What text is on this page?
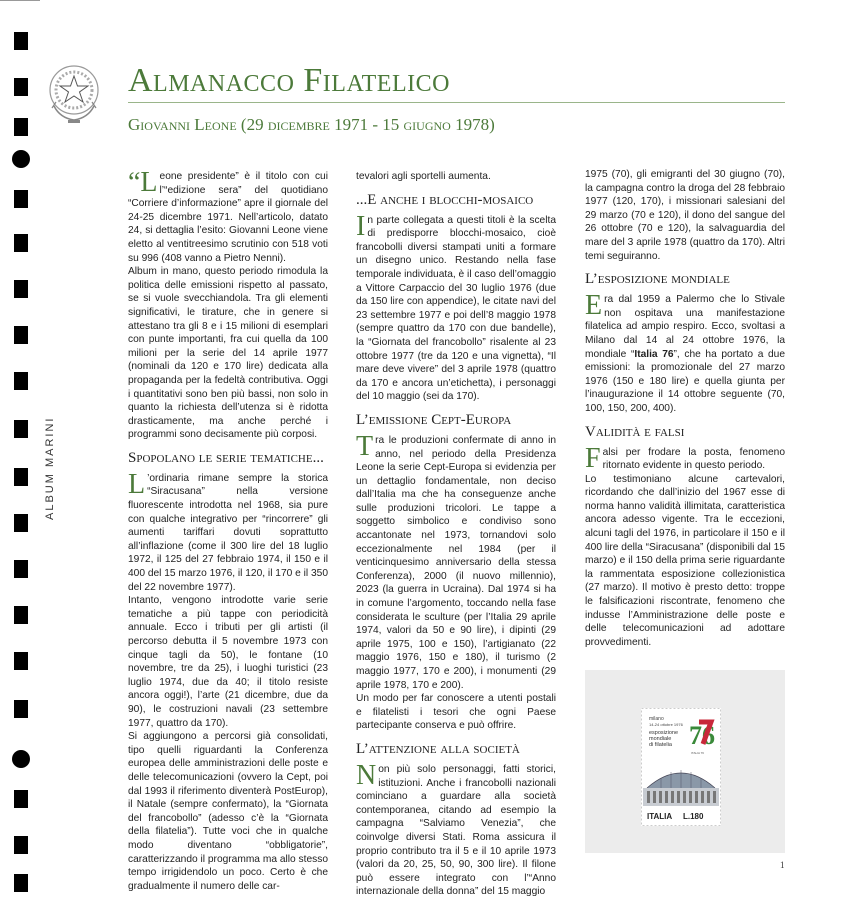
ALBUM MARINI
Almanacco Filatelico
Giovanni Leone (29 dicembre 1971 - 15 giugno 1978)

“Leone presidente” è il titolo con cui l’“edizione sera” del quotidiano “Corriere d’informazione” apre il giornale del 24-25 dicembre 1971. Nell’articolo, datato 24, si dettaglia l’esito: Giovanni Leone viene eletto al ventitreesimo scrutinio con 518 voti su 996 (408 vanno a Pietro Nenni).

Album in mano, questo periodo rimodula la politica delle emissioni rispetto al passato, se si vuole svecchiandola. Tra gli elementi significativi, le tirature, che in genere si attestano tra gli 8 e i 15 milioni di esemplari con punte importanti, fra cui quella da 100 milioni per la serie del 14 aprile 1977 (nominali da 120 e 170 lire) dedicata alla propaganda per la fedeltà contributiva. Oggi i quantitativi sono ben più bassi, non solo in quanto la richiesta dell’utenza si è ridotta drasticamente, ma anche perché i programmi sono decisamente più corposi.

Spopolano le serie tematiche...

L ’ordinaria rimane sempre la storica “Siracusana” nella versione fluorescente introdotta nel 1968, sia pure con qualche integrativo per “rincorrere” gli aumenti tariffari dovuti soprattutto all’inflazione (come il 300 lire del 18 luglio 1972, il 125 del 27 febbraio 1974, il 150 e il 400 del 15 marzo 1976, il 120, il 170 e il 350 del 22 novembre 1977).

Intanto, vengono introdotte varie serie tematiche a più tappe con periodicità annuale. Ecco i tributi per gli artisti (il percorso debutta il 5 novembre 1973 con cinque tagli da 50), le fontane (10 novembre, tre da 25), i luoghi turistici (23 luglio 1974, due da 40; il titolo resiste ancora oggi!), l’arte (21 dicembre, due da 90), le costruzioni navali (23 settembre 1977, quattro da 170).

Si aggiungono a percorsi già consolidati, tipo quelli riguardanti la Conferenza europea delle amministrazioni delle poste e delle telecomunicazioni (ovvero la Cept, poi dal 1993 il riferimento diventerà PostEurop), il Natale (sempre confermato), la “Giornata del francobollo” (adesso c’è la “Giornata della filatelia”). Tutte voci che in qualche modo diventano “obbligatorie”, caratterizzando il programma ma allo stesso tempo irrigidendolo un poco. Certo è che gradualmente il numero delle car-

tevalori agli sportelli aumenta.

...E anche i blocchi-mosaico

In parte collegata a questi titoli è la scelta di predisporre blocchi-mosaico, cioè francobolli diversi stampati uniti a formare un disegno unico. Restando nella fase temporale individuata, è il caso dell’omaggio a Vittore Carpaccio del 30 luglio 1976 (due da 150 lire con appendice), le citate navi del 23 settembre 1977 e poi dell’8 maggio 1978 (sempre quattro da 170 con due bandelle), la “Giornata del francobollo” risalente al 23 ottobre 1977 (tre da 120 e una vignetta), “Il mare deve vivere” del 3 aprile 1978 (quattro da 170 e ancora un’etichetta), i personaggi del 10 maggio (sei da 170).

L’emissione Cept-Europa

Tra le produzioni confermate di anno in anno, nel periodo della Presidenza Leone la serie Cept-Europa si evidenzia per un dettaglio fondamentale, non deciso dall’Italia ma che ha conseguenze anche sulle produzioni tricolori. Le tappe a soggetto simbolico e condiviso sono accantonate nel 1973, tornandovi solo eccezionalmente nel 1984 (per il venticinquesimo anniversario della stessa Conferenza), 2000 (il nuovo millennio), 2023 (la guerra in Ucraina). Dal 1974 si ha in comune l’argomento, toccando nella fase considerata le sculture (per l’Italia 29 aprile 1974, valori da 50 e 90 lire), i dipinti (29 aprile 1975, 100 e 150), l’artigianato (22 maggio 1976, 150 e 180), il turismo (2 maggio 1977, 170 e 200), i monumenti (29 aprile 1978, 170 e 200).

Un modo per far conoscere a utenti postali e filatelisti i tesori che ogni Paese partecipante conserva e può offrire.

L’attenzione alla società

Non più solo personaggi, fatti storici, istituzioni. Anche i francobolli nazionali cominciano a guardare alla società contemporanea, citando ad esempio la campagna “Salviamo Venezia”, che coinvolge diversi Stati. Roma assicura il proprio contributo tra il 5 e il 10 aprile 1973 (valori da 20, 25, 50, 90, 300 lire). Il filone può essere integrato con l’“Anno internazionale della donna” del 15 maggio

1975 (70), gli emigranti del 30 giugno (70), la campagna contro la droga del 28 febbraio 1977 (120, 170), i missionari salesiani del 29 marzo (70 e 120), il dono del sangue del 26 ottobre (70 e 120), la salvaguardia del mare del 3 aprile 1978 (quattro da 170). Altri temi seguiranno.

L’esposizione mondiale

Era dal 1959 a Palermo che lo Stivale non ospitava una manifestazione filatelica ad ampio respiro. Ecco, svoltasi a Milano dal 14 al 24 ottobre 1976, la mondiale “Italia 76”, che ha portato a due emissioni: la promozionale del 27 marzo 1976 (150 e 180 lire) e quella giunta per l’inaugurazione il 14 ottobre seguente (70, 100, 150, 200, 400).

Validità e falsi

Falsi per frodare la posta, fenomeno ritornato evidente in questo periodo.

Lo testimoniano alcune cartevalori, ricordando che dall’inizio del 1967 esse di norma hanno validità illimitata, caratteristica ancora adesso vigente. Tra le eccezioni, alcuni tagli del 1976, in particolare il 150 e il 400 lire della “Siracusana” (disponibili dal 15 marzo) e il 150 della prima serie riguardante la rammentata esposizione collezionistica (27 marzo). Il motivo è presto detto: troppe le falsificazioni riscontrate, fenomeno che indusse l’Amministrazione delle poste e delle telecomunicazioni ad adottare provvedimenti.

milano
14-24 ottobre 1976
esposizione
mondiale
di filatelia 76
ITALIA 76
ITALIA L.180
1
